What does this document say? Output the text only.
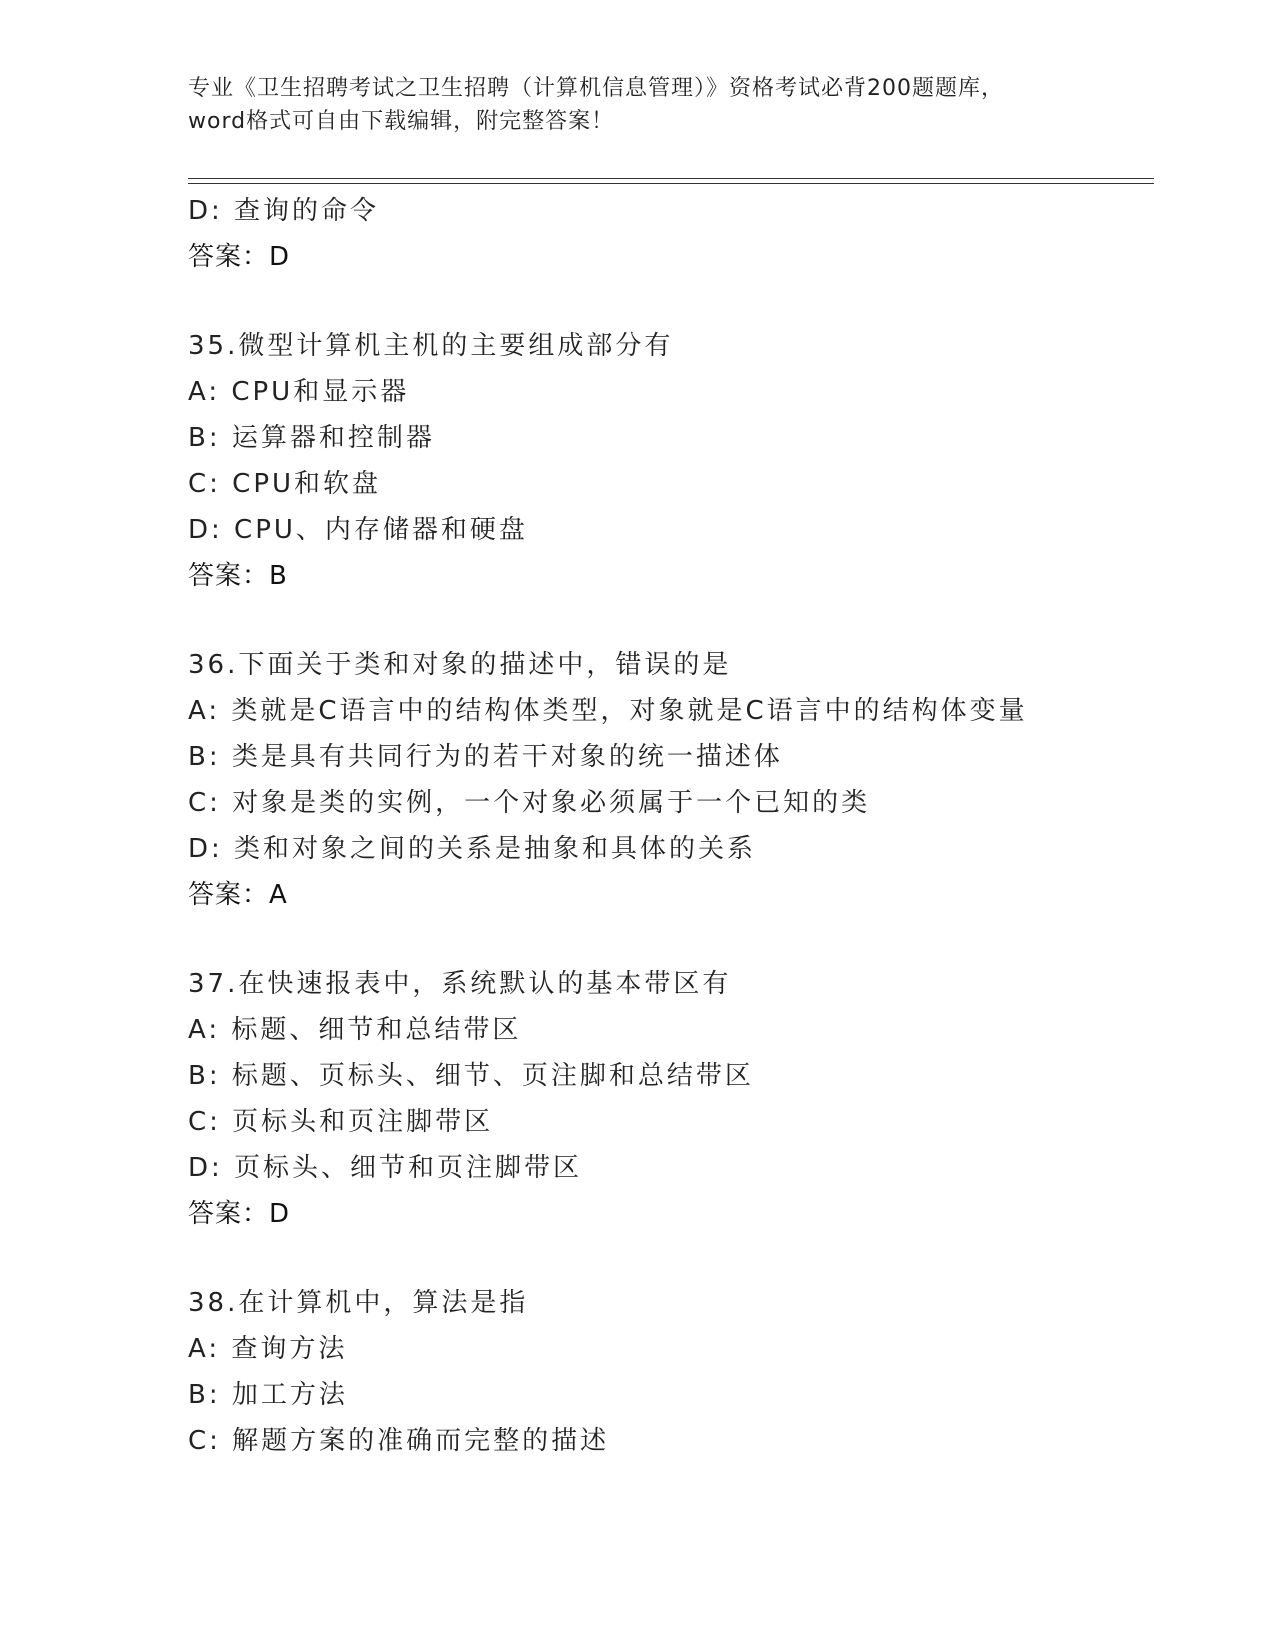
专业《卫生招聘考试之卫生招聘（计算机信息管理）》资格考试必背200题题库，
word格式可自由下载编辑，附完整答案！
D: 查询的命令
答案：D
35.微型计算机主机的主要组成部分有
A: CPU和显示器
B: 运算器和控制器
C: CPU和软盘
D: CPU、内存储器和硬盘
答案：B
36.下面关于类和对象的描述中，错误的是
A: 类就是C语言中的结构体类型，对象就是C语言中的结构体变量
B: 类是具有共同行为的若干对象的统一描述体
C: 对象是类的实例，一个对象必须属于一个已知的类
D: 类和对象之间的关系是抽象和具体的关系
答案：A
37.在快速报表中，系统默认的基本带区有
A: 标题、细节和总结带区
B: 标题、页标头、细节、页注脚和总结带区
C: 页标头和页注脚带区
D: 页标头、细节和页注脚带区
答案：D
38.在计算机中，算法是指
A: 查询方法
B: 加工方法
C: 解题方案的准确而完整的描述
